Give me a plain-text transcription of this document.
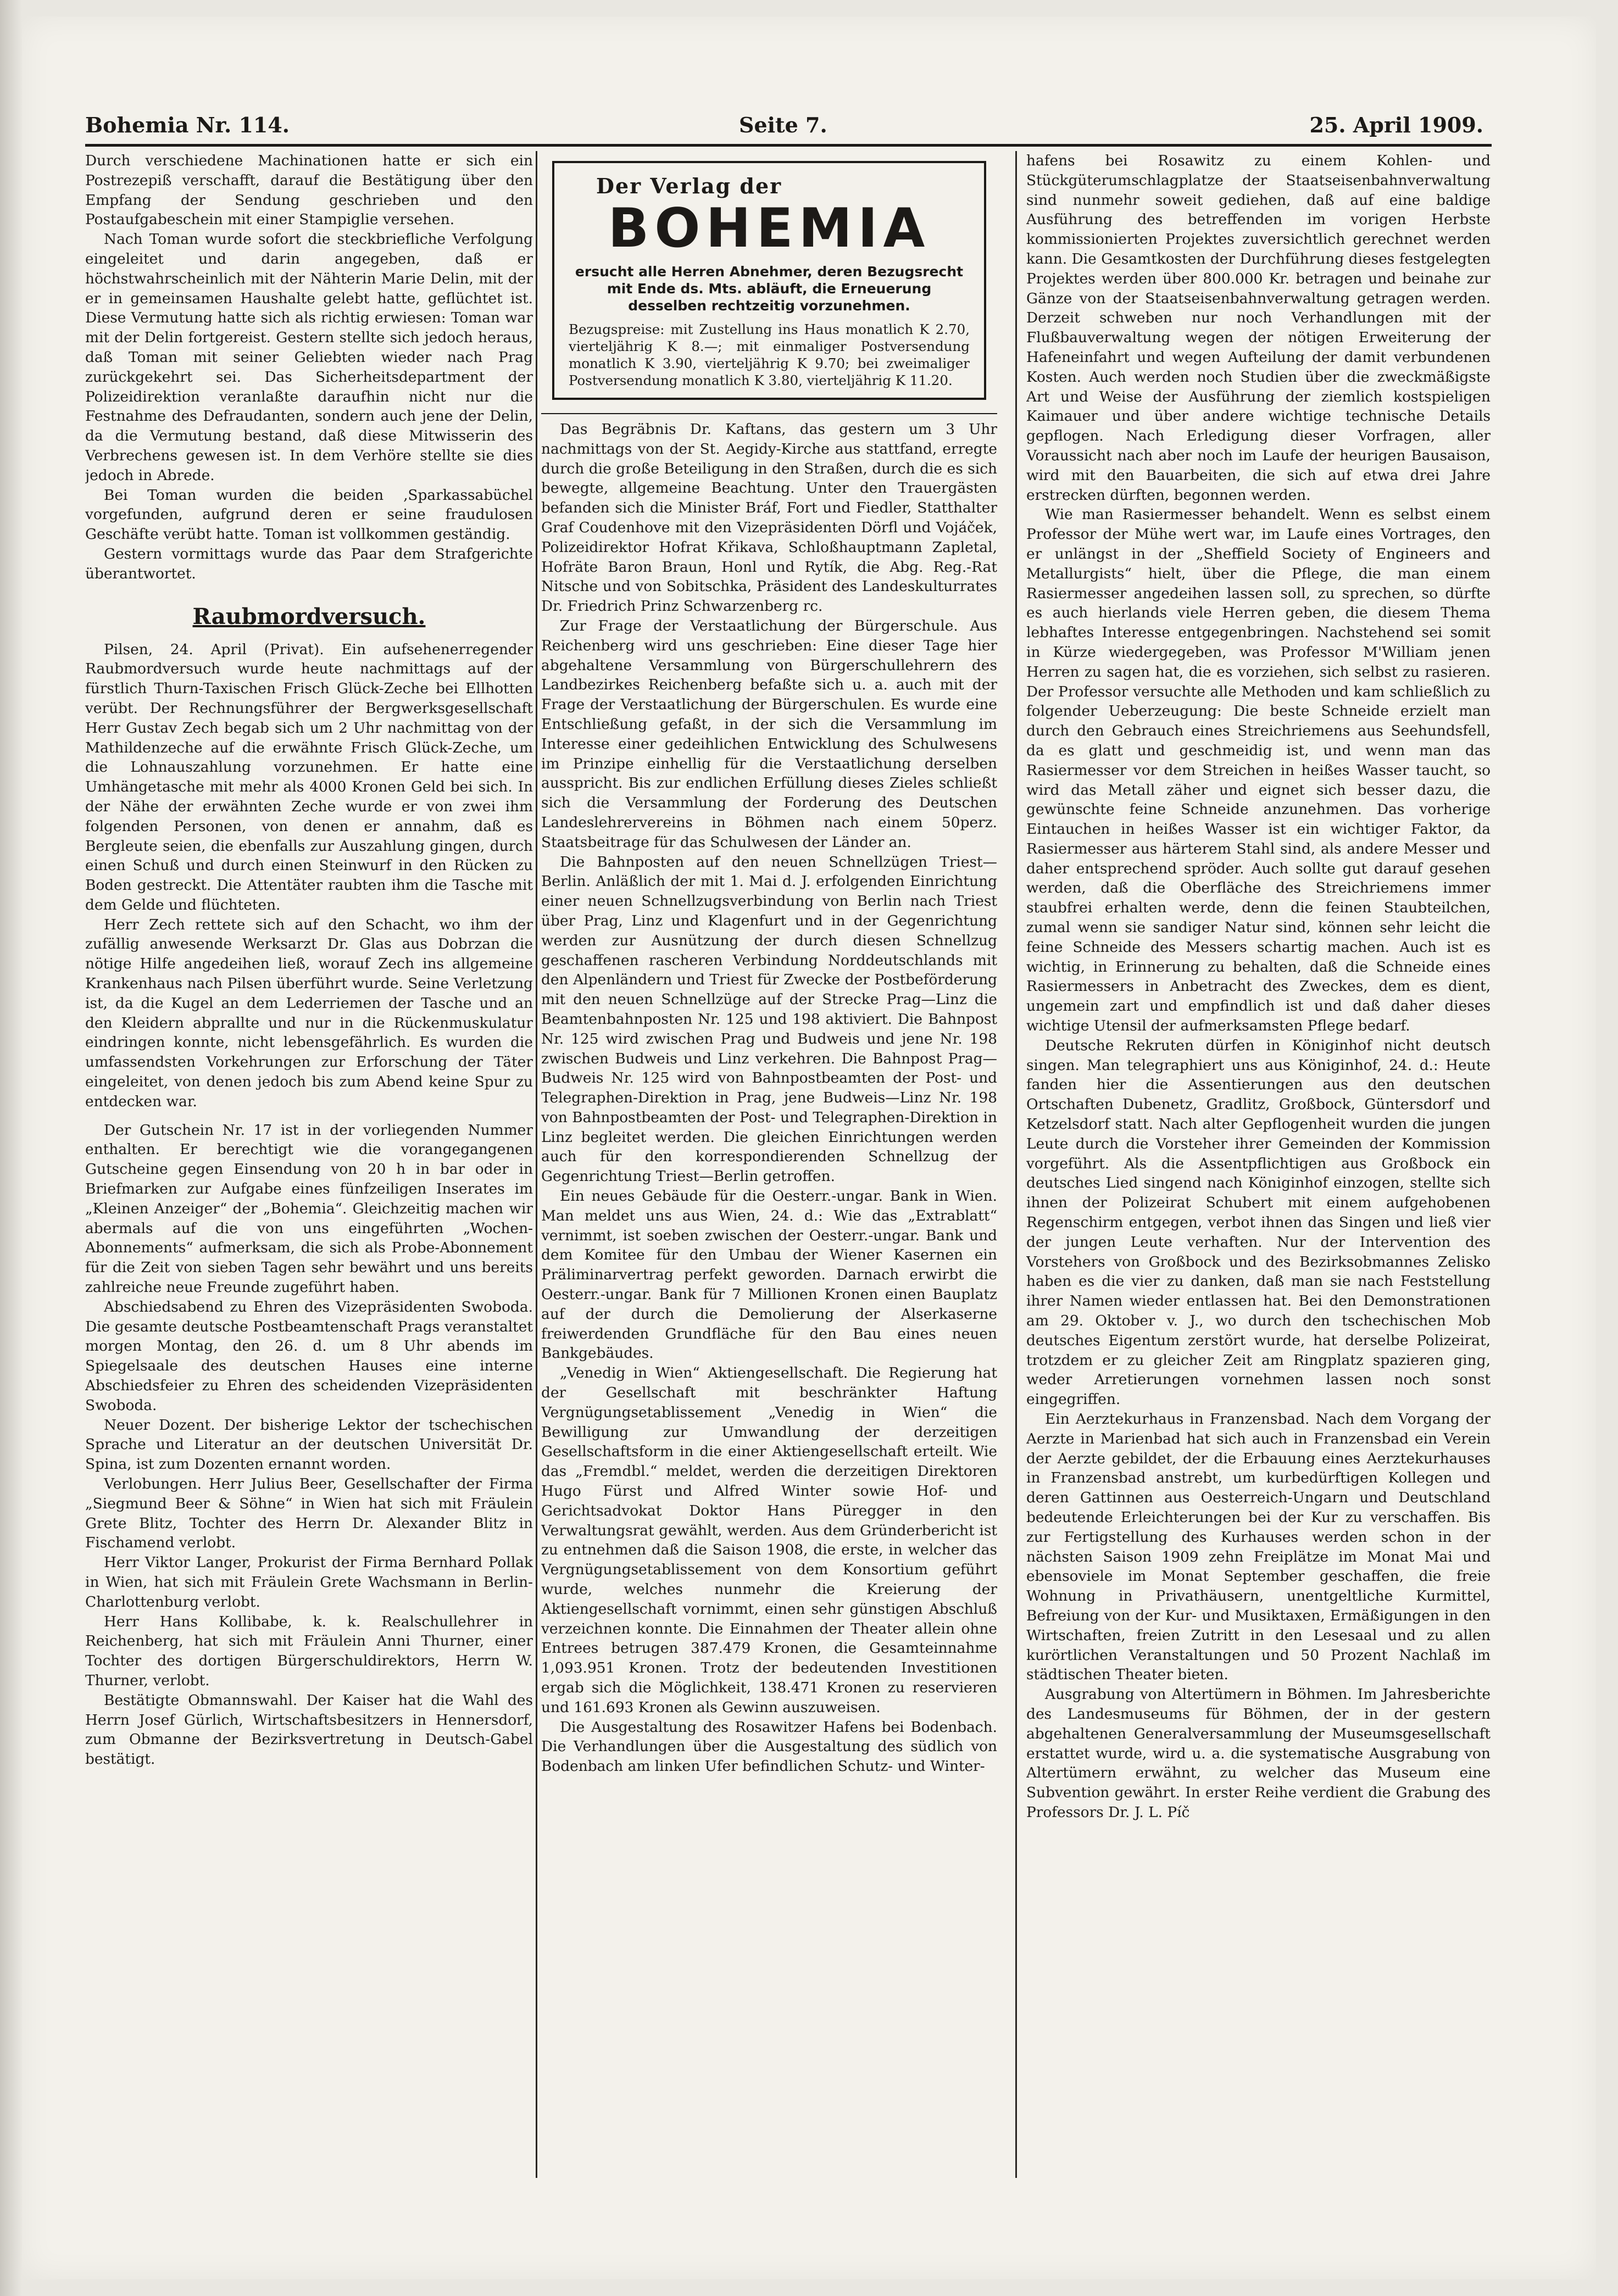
Bohemia Nr. 114.	Seite 7.	25. April 1909.

Durch verschiedene Machinationen hatte er sich ein Postrezepiß verschafft, darauf die Bestätigung über den Empfang der Sendung geschrieben und den Postaufgabeschein mit einer Stampiglie versehen.

Nach Toman wurde sofort die steckbriefliche Verfolgung eingeleitet und darin angegeben, daß er höchstwahrscheinlich mit der Nähterin Marie Delin, mit der er in gemeinsamen Haushalte gelebt hatte, geflüchtet ist. Diese Vermutung hatte sich als richtig erwiesen: Toman war mit der Delin fortgereist. Gestern stellte sich jedoch heraus, daß Toman mit seiner Geliebten wieder nach Prag zurückgekehrt sei. Das Sicherheitsdepartment der Polizeidirektion veranlaßte daraufhin nicht nur die Festnahme des Defraudanten, sondern auch jene der Delin, da die Vermutung bestand, daß diese Mitwisserin des Verbrechens gewesen ist. In dem Verhöre stellte sie dies jedoch in Abrede.

Bei Toman wurden die beiden ‚Sparkassabüchel vorgefunden, aufgrund deren er seine fraudulosen Geschäfte verübt hatte. Toman ist vollkommen geständig.

Gestern vormittags wurde das Paar dem Strafgerichte überantwortet.

Raubmordversuch.

Pilsen, 24. April (Privat). Ein aufsehenerregender Raubmordversuch wurde heute nachmittags auf der fürstlich Thurn-Taxischen Frisch Glück-Zeche bei Ellhotten verübt. Der Rechnungsführer der Bergwerksgesellschaft Herr Gustav Zech begab sich um 2 Uhr nachmittag von der Mathildenzeche auf die erwähnte Frisch Glück-Zeche, um die Lohnauszahlung vorzunehmen. Er hatte eine Umhängetasche mit mehr als 4000 Kronen Geld bei sich. In der Nähe der erwähnten Zeche wurde er von zwei ihm folgenden Personen, von denen er annahm, daß es Bergleute seien, die ebenfalls zur Auszahlung gingen, durch einen Schuß und durch einen Steinwurf in den Rücken zu Boden gestreckt. Die Attentäter raubten ihm die Tasche mit dem Gelde und flüchteten.

Herr Zech rettete sich auf den Schacht, wo ihm der zufällig anwesende Werksarzt Dr. Glas aus Dobrzan die nötige Hilfe angedeihen ließ, worauf Zech ins allgemeine Krankenhaus nach Pilsen überführt wurde. Seine Verletzung ist, da die Kugel an dem Lederriemen der Tasche und an den Kleidern abprallte und nur in die Rückenmuskulatur eindringen konnte, nicht lebensgefährlich. Es wurden die umfassendsten Vorkehrungen zur Erforschung der Täter eingeleitet, von denen jedoch bis zum Abend keine Spur zu entdecken war.

Der Gutschein Nr. 17 ist in der vorliegenden Nummer enthalten. Er berechtigt wie die vorangegangenen Gutscheine gegen Einsendung von 20 h in bar oder in Briefmarken zur Aufgabe eines fünfzeiligen Inserates im „Kleinen Anzeiger“ der „Bohemia“. Gleichzeitig machen wir abermals auf die von uns eingeführten „Wochen-Abonnements“ aufmerksam, die sich als Probe-Abonnement für die Zeit von sieben Tagen sehr bewährt und uns bereits zahlreiche neue Freunde zugeführt haben.

Abschiedsabend zu Ehren des Vizepräsidenten Swoboda. Die gesamte deutsche Postbeamtenschaft Prags veranstaltet morgen Montag, den 26. d. um 8 Uhr abends im Spiegelsaale des deutschen Hauses eine interne Abschiedsfeier zu Ehren des scheidenden Vizepräsidenten Swoboda.

Neuer Dozent. Der bisherige Lektor der tschechischen Sprache und Literatur an der deutschen Universität Dr. Spina, ist zum Dozenten ernannt worden.

Verlobungen. Herr Julius Beer, Gesellschafter der Firma „Siegmund Beer & Söhne“ in Wien hat sich mit Fräulein Grete Blitz, Tochter des Herrn Dr. Alexander Blitz in Fischamend verlobt.

Herr Viktor Langer, Prokurist der Firma Bernhard Pollak in Wien, hat sich mit Fräulein Grete Wachsmann in Berlin-Charlottenburg verlobt.

Herr Hans Kollibabe, k. k. Realschullehrer in Reichenberg, hat sich mit Fräulein Anni Thurner, einer Tochter des dortigen Bürgerschuldirektors, Herrn W. Thurner, verlobt.

Bestätigte Obmannswahl. Der Kaiser hat die Wahl des Herrn Josef Gürlich, Wirtschaftsbesitzers in Hennersdorf, zum Obmanne der Bezirksvertretung in Deutsch-Gabel bestätigt.

Der Verlag der
BOHEMIA
ersucht alle Herren Abnehmer, deren Bezugsrecht mit Ende ds. Mts. abläuft, die Erneuerung desselben rechtzeitig vorzunehmen.
Bezugspreise: mit Zustellung ins Haus monatlich K 2.70, vierteljährig K 8.—; mit einmaliger Postversendung monatlich K 3.90, vierteljährig K 9.70; bei zweimaliger Postversendung monatlich K 3.80, vierteljährig K 11.20.

Das Begräbnis Dr. Kaftans, das gestern um 3 Uhr nachmittags von der St. Aegidy-Kirche aus stattfand, erregte durch die große Beteiligung in den Straßen, durch die es sich bewegte, allgemeine Beachtung. Unter den Trauergästen befanden sich die Minister Bráf, Fort und Fiedler, Statthalter Graf Coudenhove mit den Vizepräsidenten Dörfl und Vojáček, Polizeidirektor Hofrat Křikava, Schloßhauptmann Zapletal, Hofräte Baron Braun, Honl und Rytík, die Abg. Reg.-Rat Nitsche und von Sobitschka, Präsident des Landeskulturrates Dr. Friedrich Prinz Schwarzenberg rc.

Zur Frage der Verstaatlichung der Bürgerschule. Aus Reichenberg wird uns geschrieben: Eine dieser Tage hier abgehaltene Versammlung von Bürgerschullehrern des Landbezirkes Reichenberg befaßte sich u. a. auch mit der Frage der Verstaatlichung der Bürgerschulen. Es wurde eine Entschließung gefaßt, in der sich die Versammlung im Interesse einer gedeihlichen Entwicklung des Schulwesens im Prinzipe einhellig für die Verstaatlichung derselben ausspricht. Bis zur endlichen Erfüllung dieses Zieles schließt sich die Versammlung der Forderung des Deutschen Landeslehrervereins in Böhmen nach einem 50perz. Staatsbeitrage für das Schulwesen der Länder an.

Die Bahnposten auf den neuen Schnellzügen Triest—Berlin. Anläßlich der mit 1. Mai d. J. erfolgenden Einrichtung einer neuen Schnellzugsverbindung von Berlin nach Triest über Prag, Linz und Klagenfurt und in der Gegenrichtung werden zur Ausnützung der durch diesen Schnellzug geschaffenen rascheren Verbindung Norddeutschlands mit den Alpenländern und Triest für Zwecke der Postbeförderung mit den neuen Schnellzüge auf der Strecke Prag—Linz die Beamtenbahnposten Nr. 125 und 198 aktiviert. Die Bahnpost Nr. 125 wird zwischen Prag und Budweis und jene Nr. 198 zwischen Budweis und Linz verkehren. Die Bahnpost Prag—Budweis Nr. 125 wird von Bahnpostbeamten der Post- und Telegraphen-Direktion in Prag, jene Budweis—Linz Nr. 198 von Bahnpostbeamten der Post- und Telegraphen-Direktion in Linz begleitet werden. Die gleichen Einrichtungen werden auch für den korrespondierenden Schnellzug der Gegenrichtung Triest—Berlin getroffen.

Ein neues Gebäude für die Oesterr.-ungar. Bank in Wien. Man meldet uns aus Wien, 24. d.: Wie das „Extrablatt“ vernimmt, ist soeben zwischen der Oesterr.-ungar. Bank und dem Komitee für den Umbau der Wiener Kasernen ein Präliminarvertrag perfekt geworden. Darnach erwirbt die Oesterr.-ungar. Bank für 7 Millionen Kronen einen Bauplatz auf der durch die Demolierung der Alserkaserne freiwerdenden Grundfläche für den Bau eines neuen Bankgebäudes.

„Venedig in Wien“ Aktiengesellschaft. Die Regierung hat der Gesellschaft mit beschränkter Haftung Vergnügungsetablissement „Venedig in Wien“ die Bewilligung zur Umwandlung der derzeitigen Gesellschaftsform in die einer Aktiengesellschaft erteilt. Wie das „Fremdbl.“ meldet, werden die derzeitigen Direktoren Hugo Fürst und Alfred Winter sowie Hof- und Gerichtsadvokat Doktor Hans Püregger in den Verwaltungsrat gewählt, werden. Aus dem Gründerbericht ist zu entnehmen daß die Saison 1908, die erste, in welcher das Vergnügungsetablissement von dem Konsortium geführt wurde, welches nunmehr die Kreierung der Aktiengesellschaft vornimmt, einen sehr günstigen Abschluß verzeichnen konnte. Die Einnahmen der Theater allein ohne Entrees betrugen 387.479 Kronen, die Gesamteinnahme 1,093.951 Kronen. Trotz der bedeutenden Investitionen ergab sich die Möglichkeit, 138.471 Kronen zu reservieren und 161.693 Kronen als Gewinn auszuweisen.

Die Ausgestaltung des Rosawitzer Hafens bei Bodenbach. Die Verhandlungen über die Ausgestaltung des südlich von Bodenbach am linken Ufer befindlichen Schutz- und Winter-

hafens bei Rosawitz zu einem Kohlen- und Stückgüterumschlagplatze der Staatseisenbahnverwaltung sind nunmehr soweit gediehen, daß auf eine baldige Ausführung des betreffenden im vorigen Herbste kommissionierten Projektes zuversichtlich gerechnet werden kann. Die Gesamtkosten der Durchführung dieses festgelegten Projektes werden über 800.000 Kr. betragen und beinahe zur Gänze von der Staatseisenbahnverwaltung getragen werden. Derzeit schweben nur noch Verhandlungen mit der Flußbauverwaltung wegen der nötigen Erweiterung der Hafeneinfahrt und wegen Aufteilung der damit verbundenen Kosten. Auch werden noch Studien über die zweckmäßigste Art und Weise der Ausführung der ziemlich kostspieligen Kaimauer und über andere wichtige technische Details gepflogen. Nach Erledigung dieser Vorfragen, aller Voraussicht nach aber noch im Laufe der heurigen Bausaison, wird mit den Bauarbeiten, die sich auf etwa drei Jahre erstrecken dürften, begonnen werden.

Wie man Rasiermesser behandelt. Wenn es selbst einem Professor der Mühe wert war, im Laufe eines Vortrages, den er unlängst in der „Sheffield Society of Engineers and Metallurgists“ hielt, über die Pflege, die man einem Rasiermesser angedeihen lassen soll, zu sprechen, so dürfte es auch hierlands viele Herren geben, die diesem Thema lebhaftes Interesse entgegenbringen. Nachstehend sei somit in Kürze wiedergegeben, was Professor M'William jenen Herren zu sagen hat, die es vorziehen, sich selbst zu rasieren. Der Professor versuchte alle Methoden und kam schließlich zu folgender Ueberzeugung: Die beste Schneide erzielt man durch den Gebrauch eines Streichriemens aus Seehundsfell, da es glatt und geschmeidig ist, und wenn man das Rasiermesser vor dem Streichen in heißes Wasser taucht, so wird das Metall zäher und eignet sich besser dazu, die gewünschte feine Schneide anzunehmen. Das vorherige Eintauchen in heißes Wasser ist ein wichtiger Faktor, da Rasiermesser aus härterem Stahl sind, als andere Messer und daher entsprechend spröder. Auch sollte gut darauf gesehen werden, daß die Oberfläche des Streichriemens immer staubfrei erhalten werde, denn die feinen Staubteilchen, zumal wenn sie sandiger Natur sind, können sehr leicht die feine Schneide des Messers schartig machen. Auch ist es wichtig, in Erinnerung zu behalten, daß die Schneide eines Rasiermessers in Anbetracht des Zweckes, dem es dient, ungemein zart und empfindlich ist und daß daher dieses wichtige Utensil der aufmerksamsten Pflege bedarf.

Deutsche Rekruten dürfen in Königinhof nicht deutsch singen. Man telegraphiert uns aus Königinhof, 24. d.: Heute fanden hier die Assentierungen aus den deutschen Ortschaften Dubenetz, Gradlitz, Großbock, Güntersdorf und Ketzelsdorf statt. Nach alter Gepflogenheit wurden die jungen Leute durch die Vorsteher ihrer Gemeinden der Kommission vorgeführt. Als die Assentpflichtigen aus Großbock ein deutsches Lied singend nach Königinhof einzogen, stellte sich ihnen der Polizeirat Schubert mit einem aufgehobenen Regenschirm entgegen, verbot ihnen das Singen und ließ vier der jungen Leute verhaften. Nur der Intervention des Vorstehers von Großbock und des Bezirksobmannes Zelisko haben es die vier zu danken, daß man sie nach Feststellung ihrer Namen wieder entlassen hat. Bei den Demonstrationen am 29. Oktober v. J., wo durch den tschechischen Mob deutsches Eigentum zerstört wurde, hat derselbe Polizeirat, trotzdem er zu gleicher Zeit am Ringplatz spazieren ging, weder Arretierungen vornehmen lassen noch sonst eingegriffen.

Ein Aerztekurhaus in Franzensbad. Nach dem Vorgang der Aerzte in Marienbad hat sich auch in Franzensbad ein Verein der Aerzte gebildet, der die Erbauung eines Aerztekurhauses in Franzensbad anstrebt, um kurbedürftigen Kollegen und deren Gattinnen aus Oesterreich-Ungarn und Deutschland bedeutende Erleichterungen bei der Kur zu verschaffen. Bis zur Fertigstellung des Kurhauses werden schon in der nächsten Saison 1909 zehn Freiplätze im Monat Mai und ebensoviele im Monat September geschaffen, die freie Wohnung in Privathäusern, unentgeltliche Kurmittel, Befreiung von der Kur- und Musiktaxen, Ermäßigungen in den Wirtschaften, freien Zutritt in den Lesesaal und zu allen kurörtlichen Veranstaltungen und 50 Prozent Nachlaß im städtischen Theater bieten.

Ausgrabung von Altertümern in Böhmen. Im Jahresberichte des Landesmuseums für Böhmen, der in der gestern abgehaltenen Generalversammlung der Museumsgesellschaft erstattet wurde, wird u. a. die systematische Ausgrabung von Altertümern erwähnt, zu welcher das Museum eine Subvention gewährt. In erster Reihe verdient die Grabung des Professors Dr. J. L. Píč
